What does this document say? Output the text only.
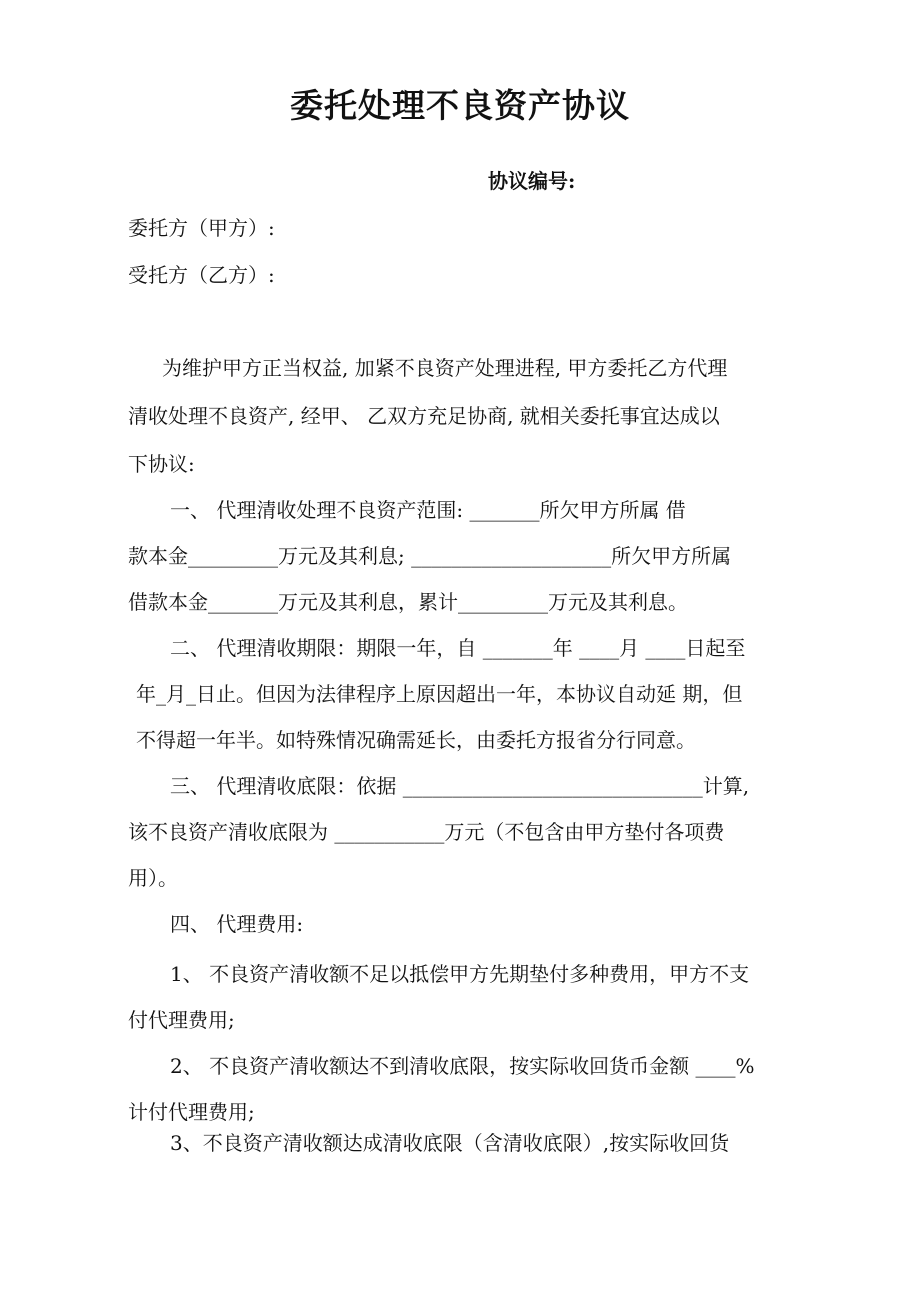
委托处理不良资产协议
协议编号:
委托方（甲方）:
受托方（乙方）:
为维护甲方正当权益, 加紧不良资产处理进程, 甲方委托乙方代理
清收处理不良资产, 经甲、 乙双方充足协商, 就相关委托事宜达成以
下协议:
一、 代理清收处理不良资产范围: _______所欠甲方所属 借
款本金_________万元及其利息; ____________________所欠甲方所属
借款本金_______万元及其利息，累计_________万元及其利息。
二、 代理清收期限：期限一年，自 _______年 ____月 ____日起至
年_月_日止。但因为法律程序上原因超出一年，本协议自动延 期，但
不得超一年半。如特殊情况确需延长，由委托方报省分行同意。
三、 代理清收底限：依据 ______________________________计算,
该不良资产清收底限为 ___________万元（不包含由甲方垫付各项费
用）。
四、 代理费用:
1、 不良资产清收额不足以抵偿甲方先期垫付多种费用，甲方不支
付代理费用;
2、 不良资产清收额达不到清收底限，按实际收回货币金额 ____%
计付代理费用;
3、不良资产清收额达成清收底限（含清收底限）,按实际收回货
